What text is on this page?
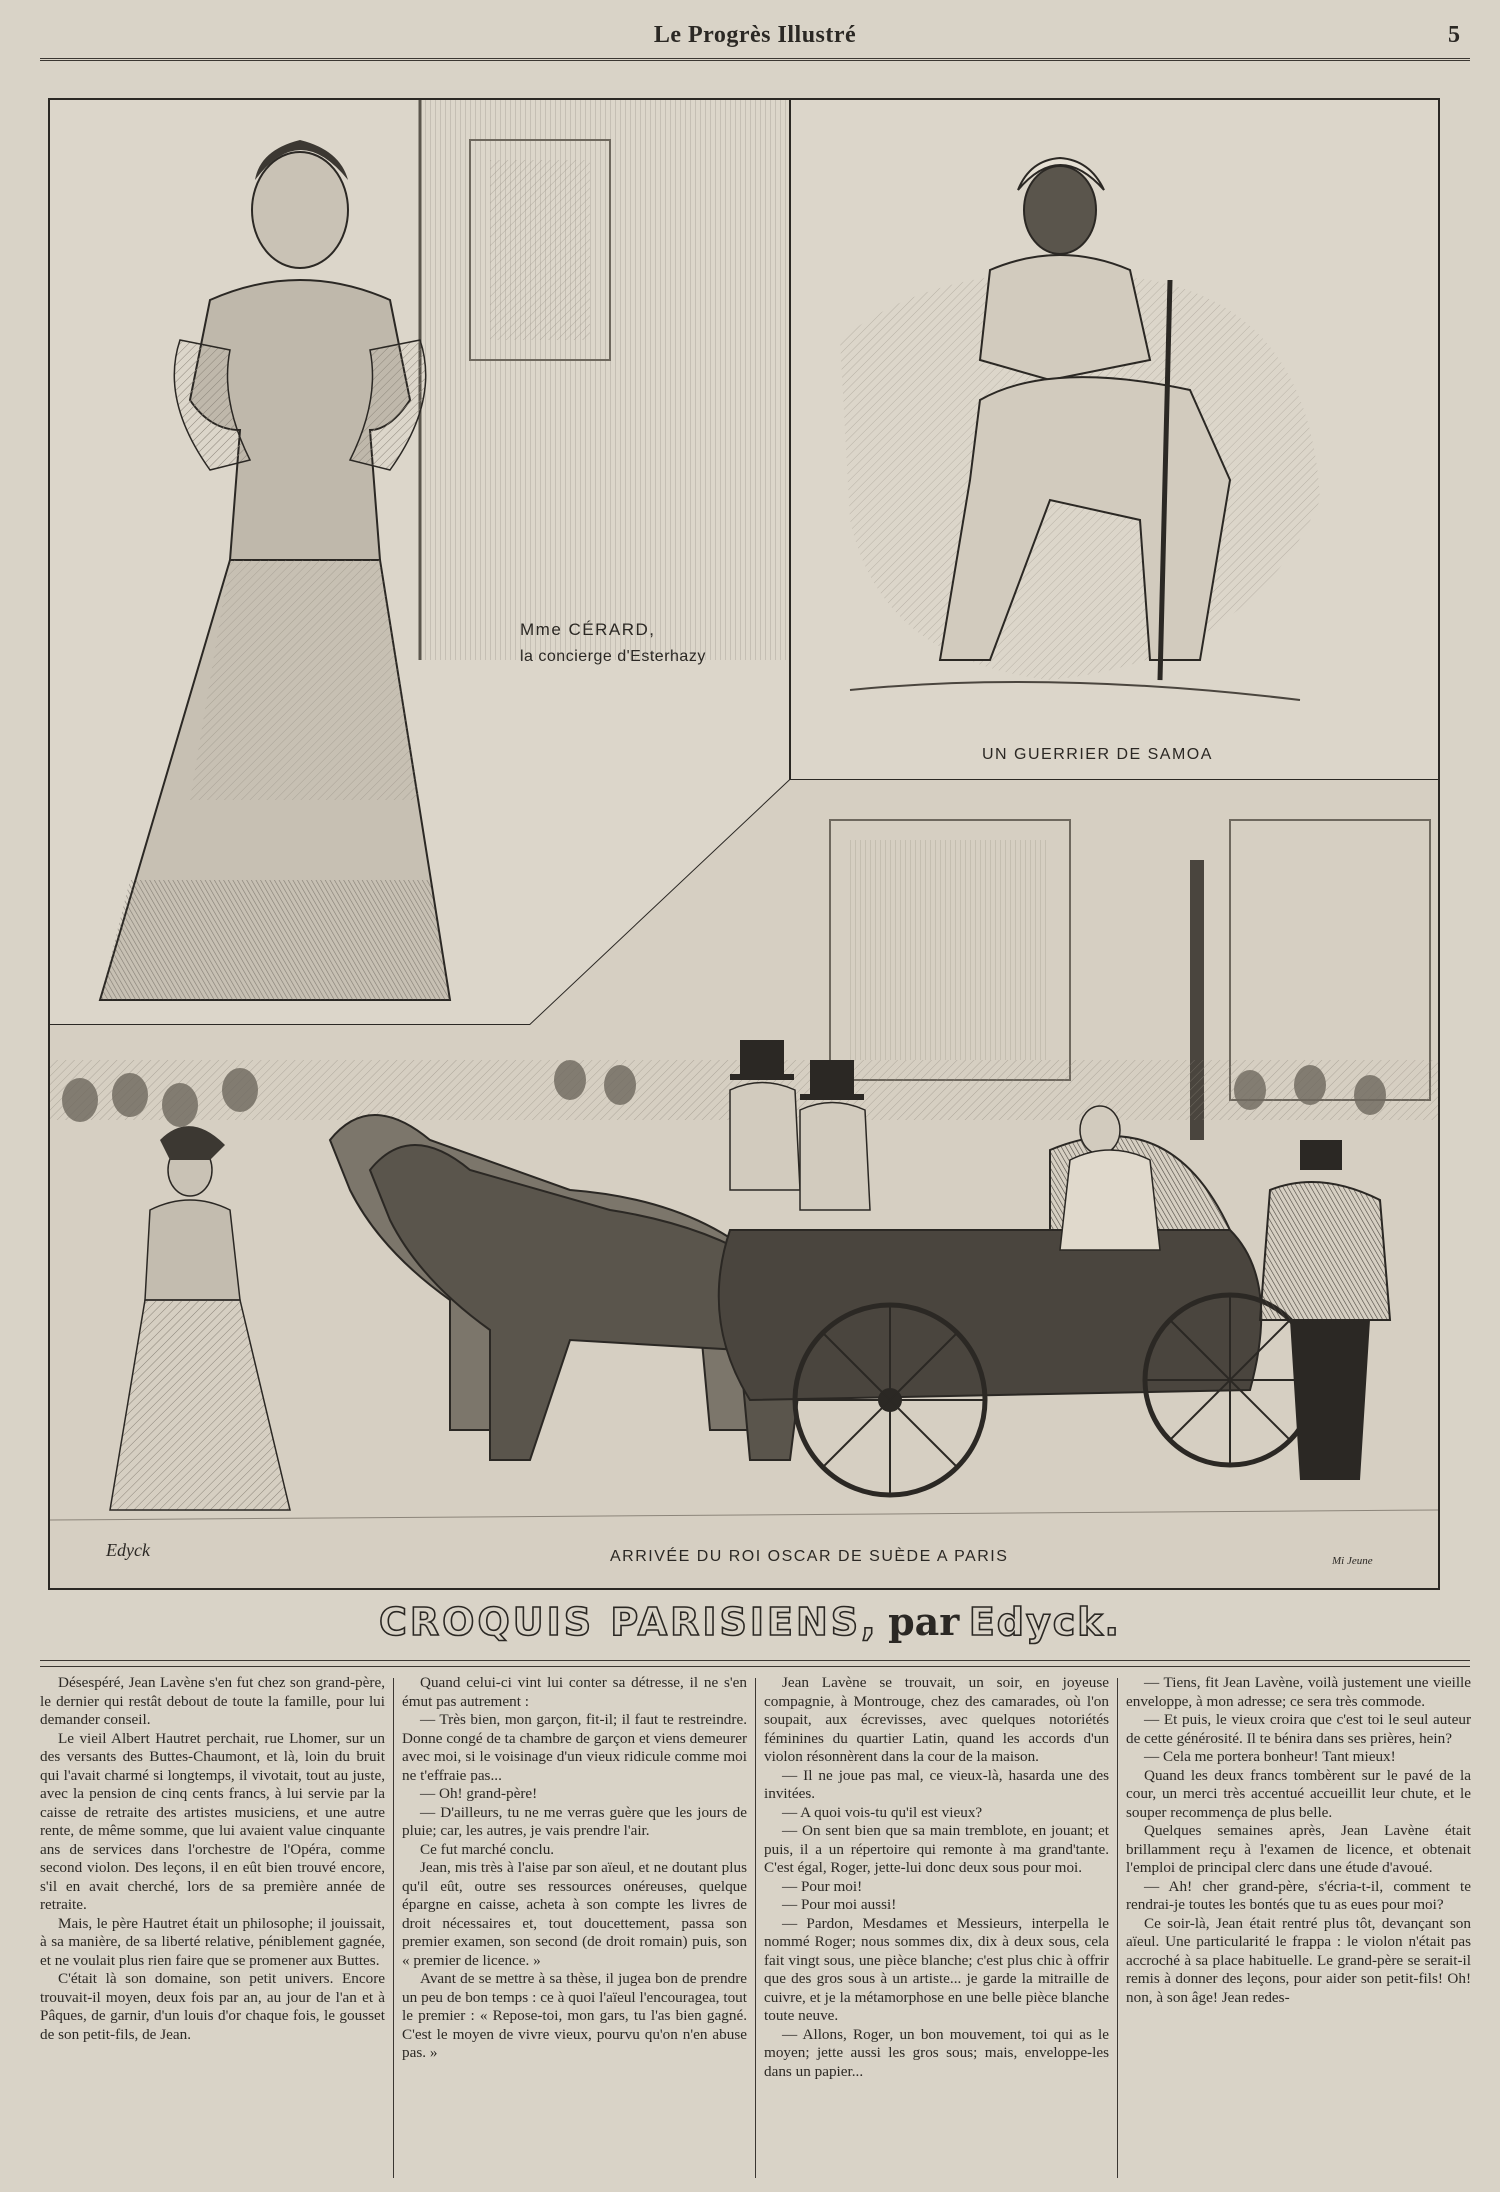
Le Progrès Illustré	5
Mme CÉRARD,
la concierge d'Esterhazy
UN GUERRIER DE SAMOA
ARRIVÉE DU ROI OSCAR DE SUÈDE A PARIS
Edyck
Mi Jeune
CROQUIS PARISIENS, par Edyck.

Désespéré, Jean Lavène s'en fut chez son grand-père, le dernier qui restât debout de toute la famille, pour lui demander conseil.

Le vieil Albert Hautret perchait, rue Lhomer, sur un des versants des Buttes-Chaumont, et là, loin du bruit qui l'avait charmé si longtemps, il vivotait, tout au juste, avec la pension de cinq cents francs, à lui servie par la caisse de retraite des artistes musiciens, et une autre rente, de même somme, que lui avaient value cinquante ans de services dans l'orchestre de l'Opéra, comme second violon. Des leçons, il en eût bien trouvé encore, s'il en avait cherché, lors de sa première année de retraite.

Mais, le père Hautret était un philosophe; il jouissait, à sa manière, de sa liberté relative, péniblement gagnée, et ne voulait plus rien faire que se promener aux Buttes.

C'était là son domaine, son petit univers. Encore trouvait-il moyen, deux fois par an, au jour de l'an et à Pâques, de garnir, d'un louis d'or chaque fois, le gousset de son petit-fils, de Jean.

Quand celui-ci vint lui conter sa détresse, il ne s'en émut pas autrement :

— Très bien, mon garçon, fit-il; il faut te restreindre. Donne congé de ta chambre de garçon et viens demeurer avec moi, si le voisinage d'un vieux ridicule comme moi ne t'effraie pas...

— Oh! grand-père!

— D'ailleurs, tu ne me verras guère que les jours de pluie; car, les autres, je vais prendre l'air.

Ce fut marché conclu.

Jean, mis très à l'aise par son aïeul, et ne doutant plus qu'il eût, outre ses ressources onéreuses, quelque épargne en caisse, acheta à son compte les livres de droit nécessaires et, tout doucettement, passa son premier examen, son second (de droit romain) puis, son « premier de licence. »

Avant de se mettre à sa thèse, il jugea bon de prendre un peu de bon temps : ce à quoi l'aïeul l'encouragea, tout le premier : « Repose-toi, mon gars, tu l'as bien gagné. C'est le moyen de vivre vieux, pourvu qu'on n'en abuse pas. »

Jean Lavène se trouvait, un soir, en joyeuse compagnie, à Montrouge, chez des camarades, où l'on soupait, aux écrevisses, avec quelques notoriétés féminines du quartier Latin, quand les accords d'un violon résonnèrent dans la cour de la maison.

— Il ne joue pas mal, ce vieux-là, hasarda une des invitées.

— A quoi vois-tu qu'il est vieux?

— On sent bien que sa main tremblote, en jouant; et puis, il a un répertoire qui remonte à ma grand'tante. C'est égal, Roger, jette-lui donc deux sous pour moi.

— Pour moi!

— Pour moi aussi!

— Pardon, Mesdames et Messieurs, interpella le nommé Roger; nous sommes dix, dix à deux sous, cela fait vingt sous, une pièce blanche; c'est plus chic à offrir que des gros sous à un artiste... je garde la mitraille de cuivre, et je la métamorphose en une belle pièce blanche toute neuve.

— Allons, Roger, un bon mouvement, toi qui as le moyen; jette aussi les gros sous; mais, enveloppe-les dans un papier...

— Tiens, fit Jean Lavène, voilà justement une vieille enveloppe, à mon adresse; ce sera très commode.

— Et puis, le vieux croira que c'est toi le seul auteur de cette générosité. Il te bénira dans ses prières, hein?

— Cela me portera bonheur! Tant mieux!

Quand les deux francs tombèrent sur le pavé de la cour, un merci très accentué accueillit leur chute, et le souper recommença de plus belle.

Quelques semaines après, Jean Lavène était brillamment reçu à l'examen de licence, et obtenait l'emploi de principal clerc dans une étude d'avoué.

— Ah! cher grand-père, s'écria-t-il, comment te rendrai-je toutes les bontés que tu as eues pour moi?

Ce soir-là, Jean était rentré plus tôt, devançant son aïeul. Une particularité le frappa : le violon n'était pas accroché à sa place habituelle. Le grand-père se serait-il remis à donner des leçons, pour aider son petit-fils! Oh! non, à son âge! Jean redes-
